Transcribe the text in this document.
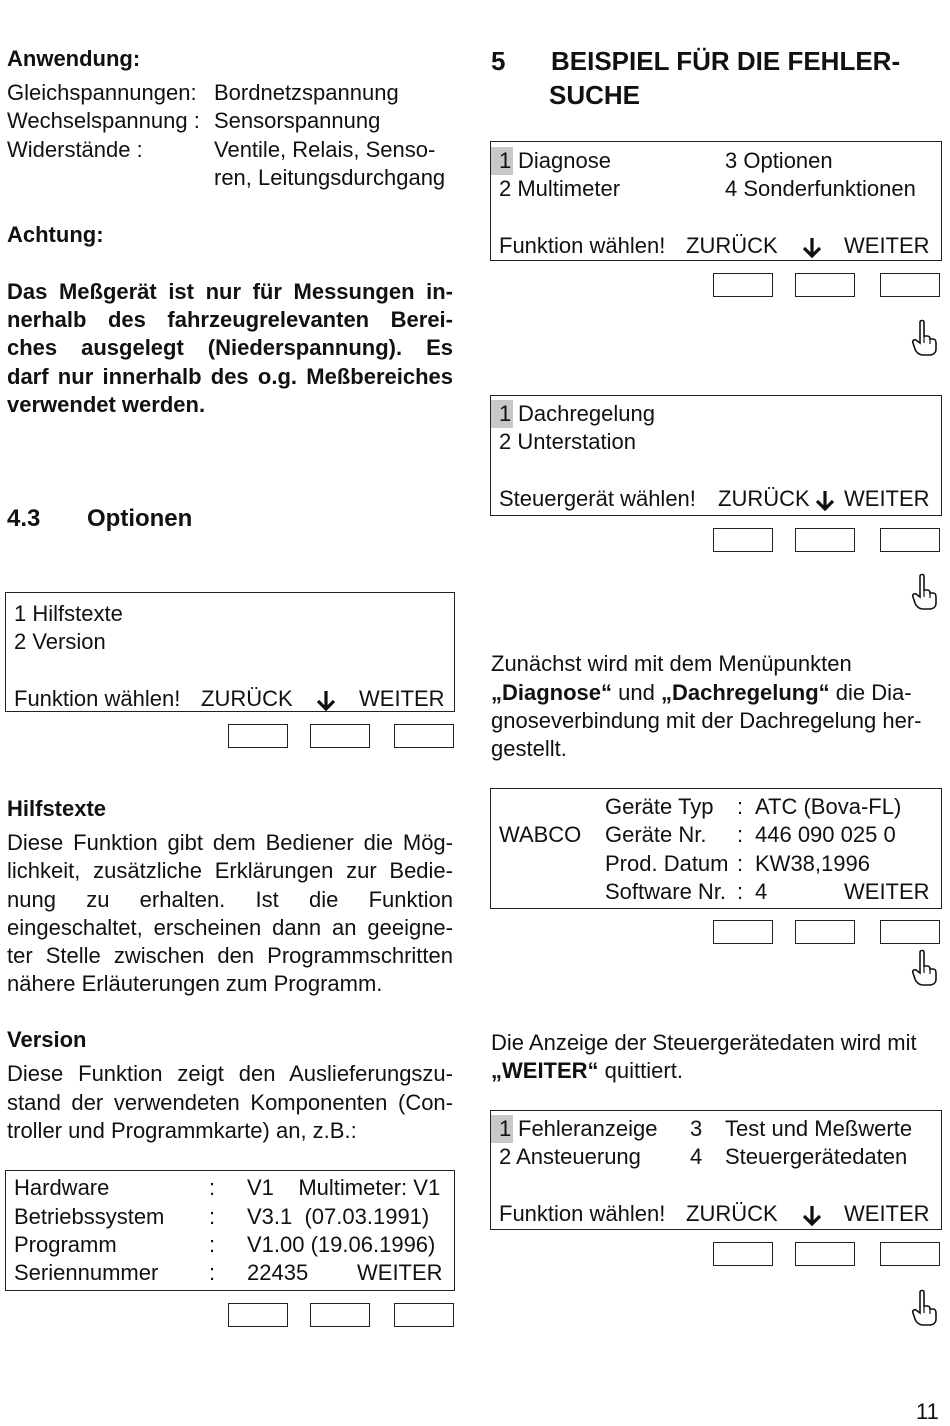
Anwendung:
Gleichspannungen: Bordnetzspannung
Wechselspannung : Sensorspannung
Widerstände :	Ventile, Relais, Senso-
ren, Leitungsdurchgang
Achtung:
Das Meßgerät ist nur für Messungen in-
nerhalb des fahrzeugrelevanten Berei-
ches ausgelegt (Niederspannung). Es
darf nur innerhalb des o.g. Meßbereiches
verwendet werden.
4.3 Optionen
1 Hilfstexte
2 Version
Funktion wählen! ZURÜCK	WEITER
Hilfstexte
Diese Funktion gibt dem Bediener die Mög-
lichkeit, zusätzliche Erklärungen zur Bedie-
nung zu erhalten. Ist die Funktion
eingeschaltet, erscheinen dann an geeigne-
ter Stelle zwischen den Programmschritten
nähere Erläuterungen zum Programm.
Version
Diese Funktion zeigt den Auslieferungszu-
stand der verwendeten Komponenten (Con-
troller und Programmkarte) an, z.B.:
Hardware	: V1    Multimeter: V1
Betriebssystem : V3.1  (07.03.1991)
Programm	: V1.00 (19.06.1996)
Seriennummer : 22435 WEITER
5 BEISPIEL FÜR DIE FEHLER-
SUCHE
1 Diagnose	3 Optionen
2 Multimeter	4 Sonderfunktionen
Funktion wählen! ZURÜCK	WEITER
1 Dachregelung
2 Unterstation
Steuergerät wählen! ZURÜCK WEITER
Zunächst wird mit dem Menüpunkten
„Diagnose“ und „Dachregelung“ die Dia-
gnoseverbindung mit der Dachregelung her-
gestellt.
WABCO
Geräte Typ : ATC (Bova-FL)
Geräte Nr. : 446 090 025 0
Prod. Datum : KW38,1996
Software Nr. : 4	WEITER
Die Anzeige der Steuergerätedaten wird mit
„WEITER“ quittiert.
1 Fehleranzeige 3 Test und Meßwerte
2 Ansteuerung 4 Steuergerätedaten
Funktion wählen! ZURÜCK	WEITER
11
